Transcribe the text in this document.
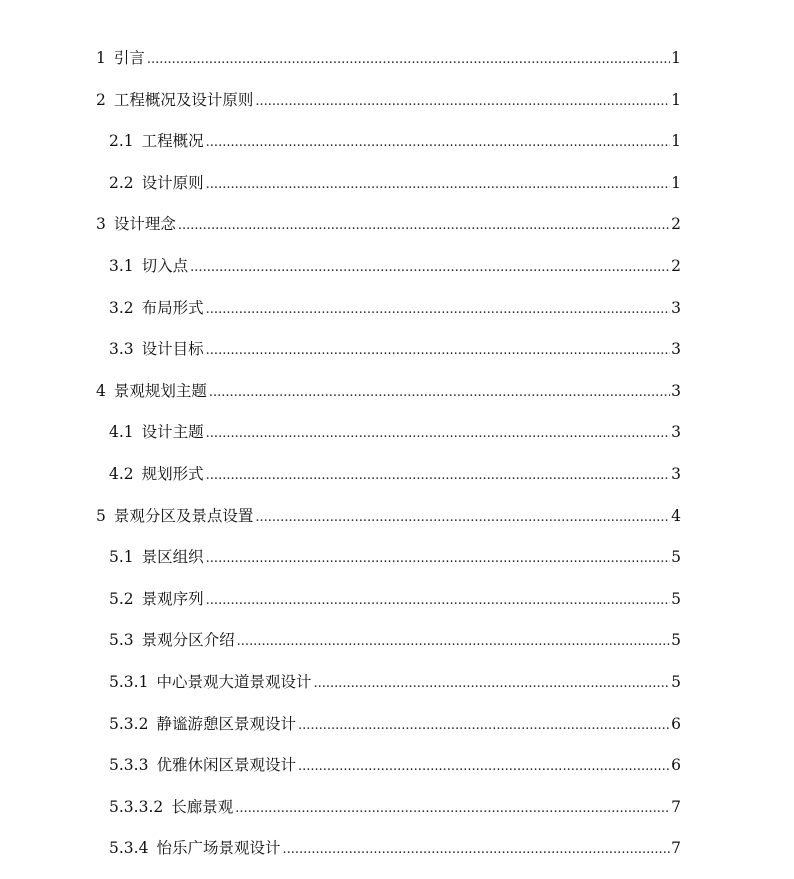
1 引言 .....	1
2 工程概况及设计原则 .....	1
2.1 工程概况 .....	1
2.2 设计原则 .....	1
3 设计理念 .....	2
3.1 切入点 .....	2
3.2 布局形式 .....	3
3.3 设计目标 .....	3
4 景观规划主题 .....	3
4.1 设计主题 .....	3
4.2 规划形式 .....	3
5 景观分区及景点设置 .....	4
5.1 景区组织 .....	5
5.2 景观序列 .....	5
5.3 景观分区介绍 .....	5
5.3.1 中心景观大道景观设计 .....	5
5.3.2 静谧游憩区景观设计 .....	6
5.3.3 优雅休闲区景观设计 .....	6
5.3.3.2 长廊景观 .....	7
5.3.4 怡乐广场景观设计 .....	7
